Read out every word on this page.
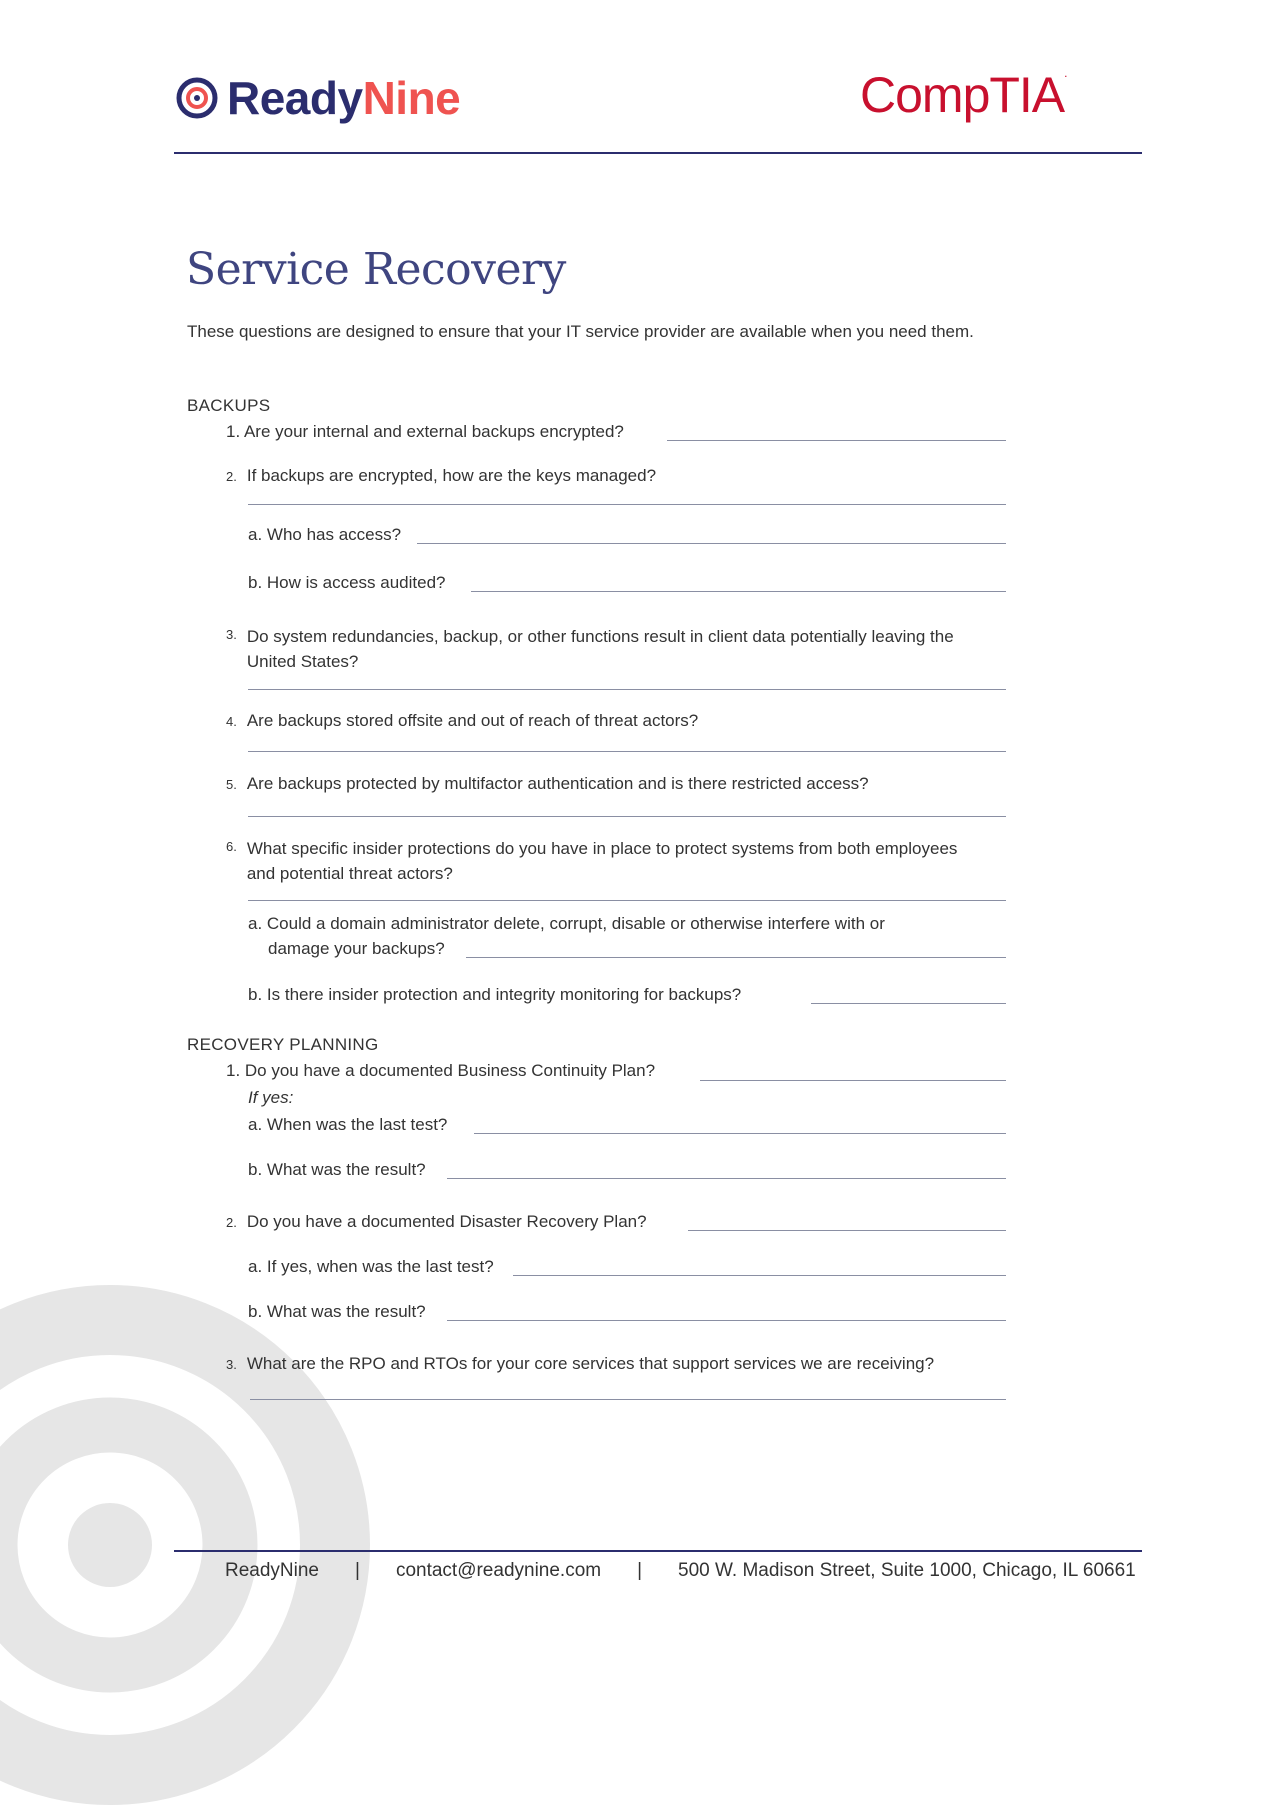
ReadyNine	CompTIA.
Service Recovery
These questions are designed to ensure that your IT service provider are available when you need them.
BACKUPS
1. Are your internal and external backups encrypted?
2. If backups are encrypted, how are the keys managed?
a. Who has access?
b. How is access audited?
3. Do system redundancies, backup, or other functions result in client data potentially leaving the United States?
4. Are backups stored offsite and out of reach of threat actors?
5. Are backups protected by multifactor authentication and is there restricted access?
6. What specific insider protections do you have in place to protect systems from both employees and potential threat actors?
a. Could a domain administrator delete, corrupt, disable or otherwise interfere with or
damage your backups?
b. Is there insider protection and integrity monitoring for backups?
RECOVERY PLANNING
1. Do you have a documented Business Continuity Plan?
If yes:
a. When was the last test?
b. What was the result?
2. Do you have a documented Disaster Recovery Plan?
a. If yes, when was the last test?
b. What was the result?
3. What are the RPO and RTOs for your core services that support services we are receiving?
ReadyNine | contact@readynine.com | 500 W. Madison Street, Suite 1000, Chicago, IL 60661
